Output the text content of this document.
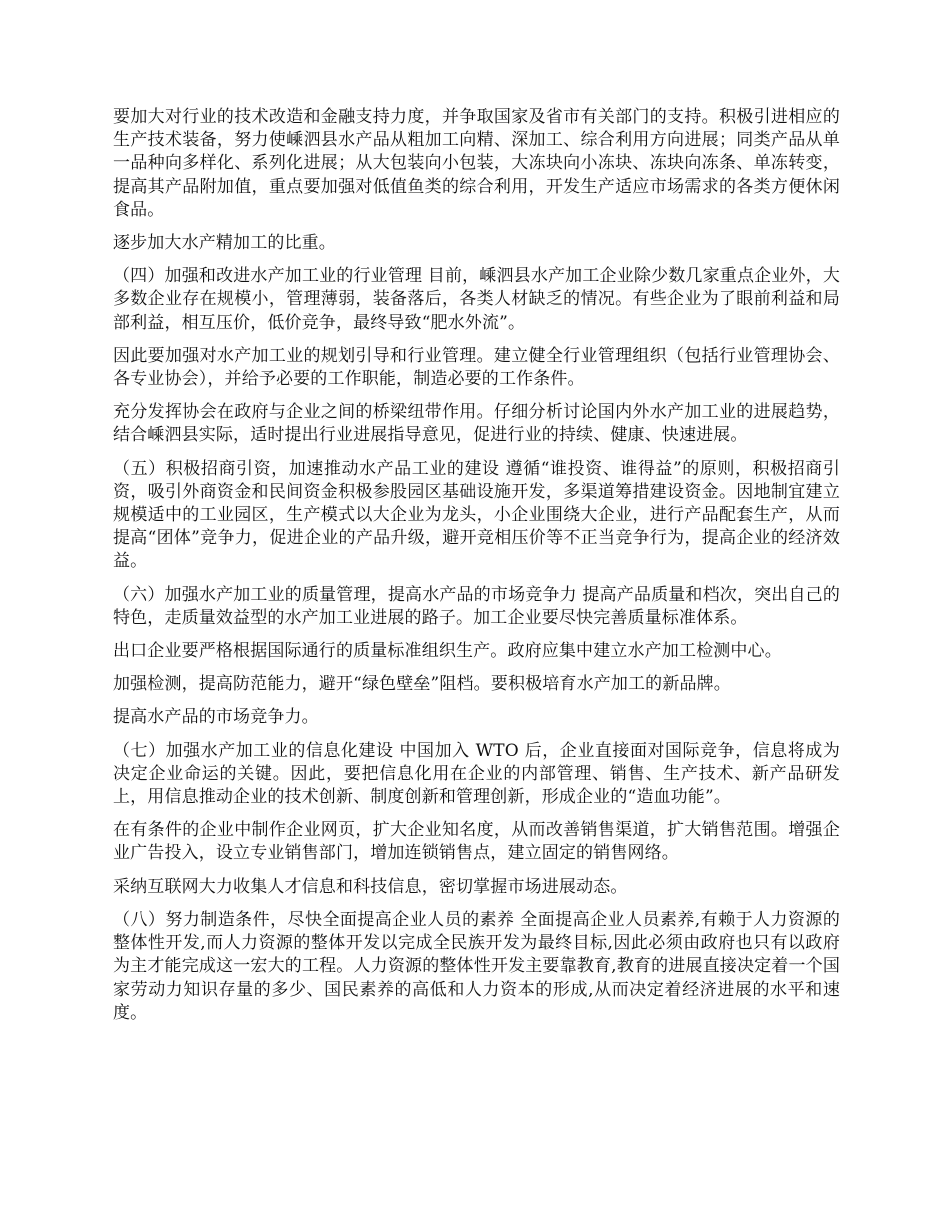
要加大对行业的技术改造和金融支持力度，并争取国家及省市有关部门的支持。积极引进相应的生产技术装备，努力使嵊泗县水产品从粗加工向精、深加工、综合利用方向进展；同类产品从单一品种向多样化、系列化进展；从大包装向小包装，大冻块向小冻块、冻块向冻条、单冻转变，提高其产品附加值，重点要加强对低值鱼类的综合利用，开发生产适应市场需求的各类方便休闲食品。

逐步加大水产精加工的比重。

（四）加强和改进水产加工业的行业管理 目前，嵊泗县水产加工企业除少数几家重点企业外，大多数企业存在规模小，管理薄弱，装备落后，各类人材缺乏的情况。有些企业为了眼前利益和局部利益，相互压价，低价竞争，最终导致“肥水外流”。

因此要加强对水产加工业的规划引导和行业管理。建立健全行业管理组织（包括行业管理协会、各专业协会），并给予必要的工作职能，制造必要的工作条件。

充分发挥协会在政府与企业之间的桥梁纽带作用。仔细分析讨论国内外水产加工业的进展趋势，结合嵊泗县实际，适时提出行业进展指导意见，促进行业的持续、健康、快速进展。

（五）积极招商引资，加速推动水产品工业的建设 遵循“谁投资、谁得益”的原则，积极招商引资，吸引外商资金和民间资金积极参股园区基础设施开发，多渠道筹措建设资金。因地制宜建立规模适中的工业园区，生产模式以大企业为龙头，小企业围绕大企业，进行产品配套生产，从而提高“团体”竞争力，促进企业的产品升级，避开竞相压价等不正当竞争行为，提高企业的经济效益。

（六）加强水产加工业的质量管理，提高水产品的市场竞争力 提高产品质量和档次，突出自己的特色，走质量效益型的水产加工业进展的路子。加工企业要尽快完善质量标准体系。

出口企业要严格根据国际通行的质量标准组织生产。政府应集中建立水产加工检测中心。

加强检测，提高防范能力，避开“绿色壁垒”阻档。要积极培育水产加工的新品牌。

提高水产品的市场竞争力。

（七）加强水产加工业的信息化建设 中国加入 WTO 后，企业直接面对国际竞争，信息将成为决定企业命运的关键。因此，要把信息化用在企业的内部管理、销售、生产技术、新产品研发上，用信息推动企业的技术创新、制度创新和管理创新，形成企业的“造血功能”。

在有条件的企业中制作企业网页，扩大企业知名度，从而改善销售渠道，扩大销售范围。增强企业广告投入，设立专业销售部门，增加连锁销售点，建立固定的销售网络。

采纳互联网大力收集人才信息和科技信息，密切掌握市场进展动态。

（八）努力制造条件，尽快全面提高企业人员的素养 全面提高企业人员素养,有赖于人力资源的整体性开发,而人力资源的整体开发以完成全民族开发为最终目标,因此必须由政府也只有以政府为主才能完成这一宏大的工程。人力资源的整体性开发主要靠教育,教育的进展直接决定着一个国家劳动力知识存量的多少、国民素养的高低和人力资本的形成,从而决定着经济进展的水平和速度。
